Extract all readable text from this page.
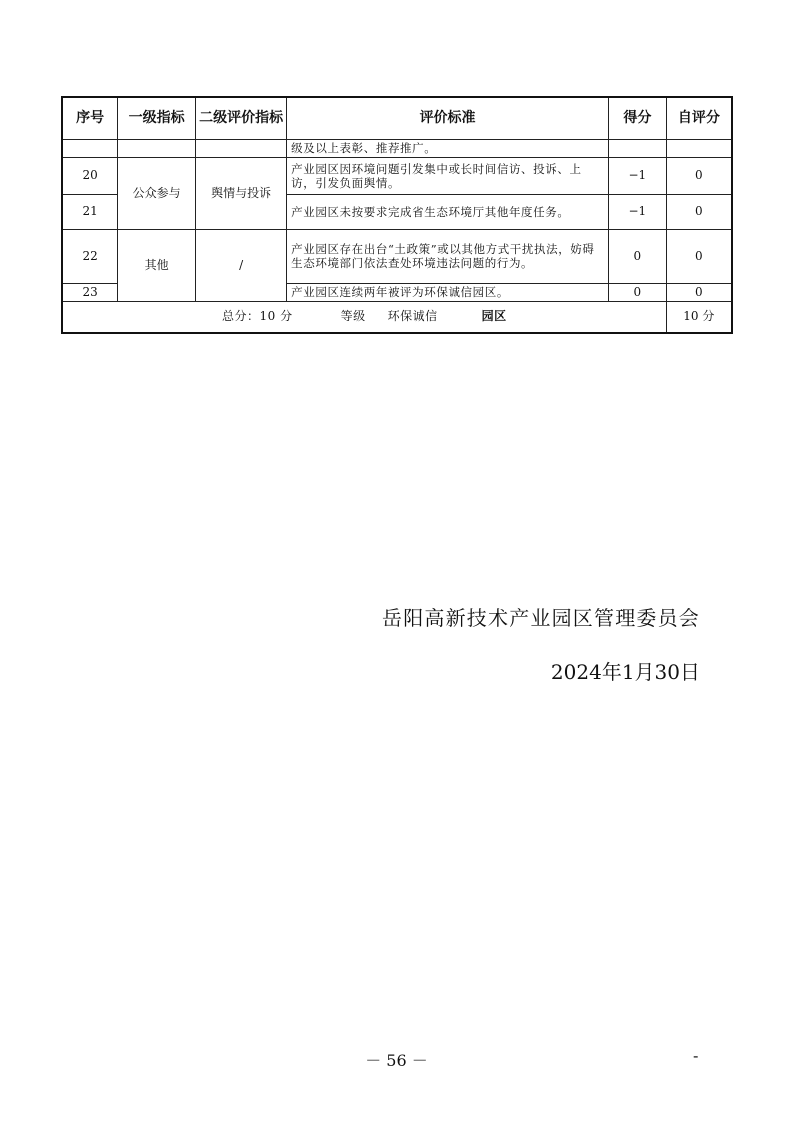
序号	一级指标	二级评价指标	评价标准	得分	自评分
			级及以上表彰、推荐推广。		
20	公众参与	舆情与投诉	产业园区因环境问题引发集中或长时间信访、投诉、上访，引发负面舆情。	−1	0
21			产业园区未按要求完成省生态环境厅其他年度任务。	−1	0
22	其他	/	产业园区存在出台“土政策”或以其他方式干扰执法，妨碍生态环境部门依法查处环境违法问题的行为。	0	0
23			产业园区连续两年被评为环保诚信园区。	0	0
总分：10 分 等级 环保诚信 园区					10 分
岳阳高新技术产业园区管理委员会
2024年1月30日
－ 56 －	-
